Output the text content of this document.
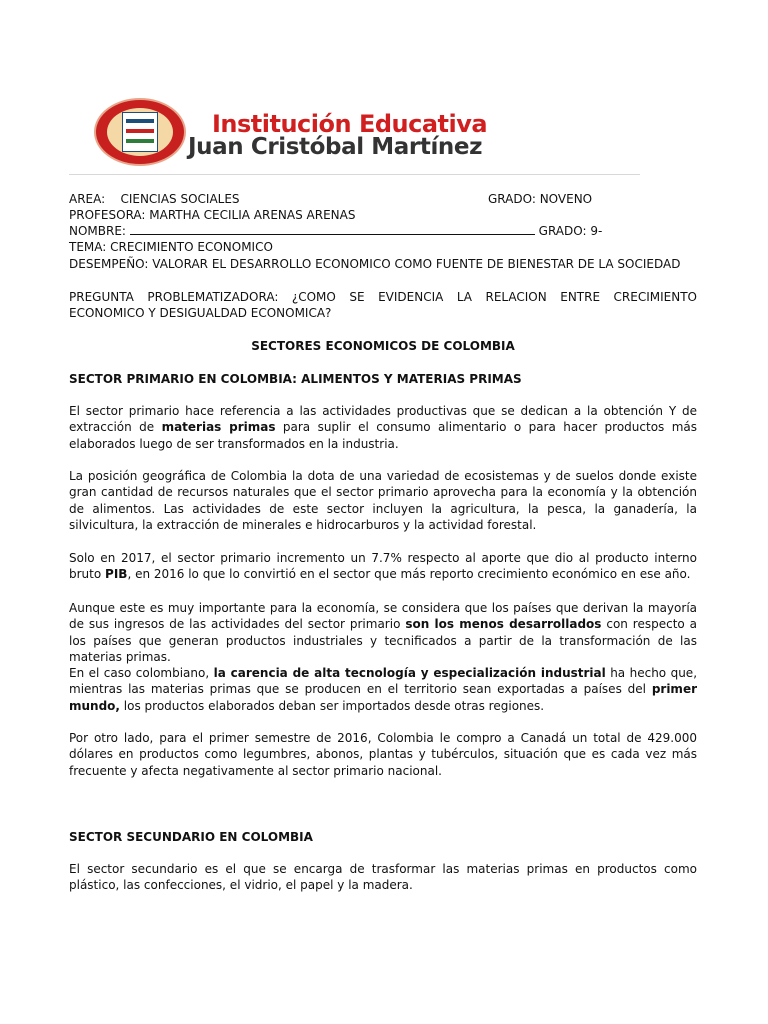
Institución Educativa
Juan Cristóbal Martínez
AREA: CIENCIAS SOCIALES	GRADO: NOVENO
PROFESORA: MARTHA CECILIA ARENAS ARENAS
NOMBRE:	GRADO: 9-
TEMA: CRECIMIENTO ECONOMICO
DESEMPEÑO: VALORAR EL DESARROLLO ECONOMICO COMO FUENTE DE BIENESTAR DE LA SOCIEDAD
PREGUNTA PROBLEMATIZADORA: ¿COMO SE EVIDENCIA LA RELACION ENTRE CRECIMIENTO ECONOMICO Y DESIGUALDAD ECONOMICA?
SECTORES ECONOMICOS DE COLOMBIA
SECTOR PRIMARIO EN COLOMBIA: ALIMENTOS Y MATERIAS PRIMAS
El sector primario hace referencia a las actividades productivas que se dedican a la obtención Y de extracción de materias primas para suplir el consumo alimentario o para hacer productos más elaborados luego de ser transformados en la industria.
La posición geográfica de Colombia la dota de una variedad de ecosistemas y de suelos donde existe gran cantidad de recursos naturales que el sector primario aprovecha para la economía y la obtención de alimentos. Las actividades de este sector incluyen la agricultura, la pesca, la ganadería, la silvicultura, la extracción de minerales e hidrocarburos y la actividad forestal.
Solo en 2017, el sector primario incremento un 7.7% respecto al aporte que dio al producto interno bruto PIB, en 2016 lo que lo convirtió en el sector que más reporto crecimiento económico en ese año.
Aunque este es muy importante para la economía, se considera que los países que derivan la mayoría de sus ingresos de las actividades del sector primario son los menos desarrollados con respecto a los países que generan productos industriales y tecnificados a partir de la transformación de las materias primas.
En el caso colombiano, la carencia de alta tecnología y especialización industrial ha hecho que, mientras las materias primas que se producen en el territorio sean exportadas a países del primer mundo, los productos elaborados deban ser importados desde otras regiones.
Por otro lado, para el primer semestre de 2016, Colombia le compro a Canadá un total de 429.000 dólares en productos como legumbres, abonos, plantas y tubérculos, situación que es cada vez más frecuente y afecta negativamente al sector primario nacional.
SECTOR SECUNDARIO EN COLOMBIA
El sector secundario es el que se encarga de trasformar las materias primas en productos como plástico, las confecciones, el vidrio, el papel y la madera.
